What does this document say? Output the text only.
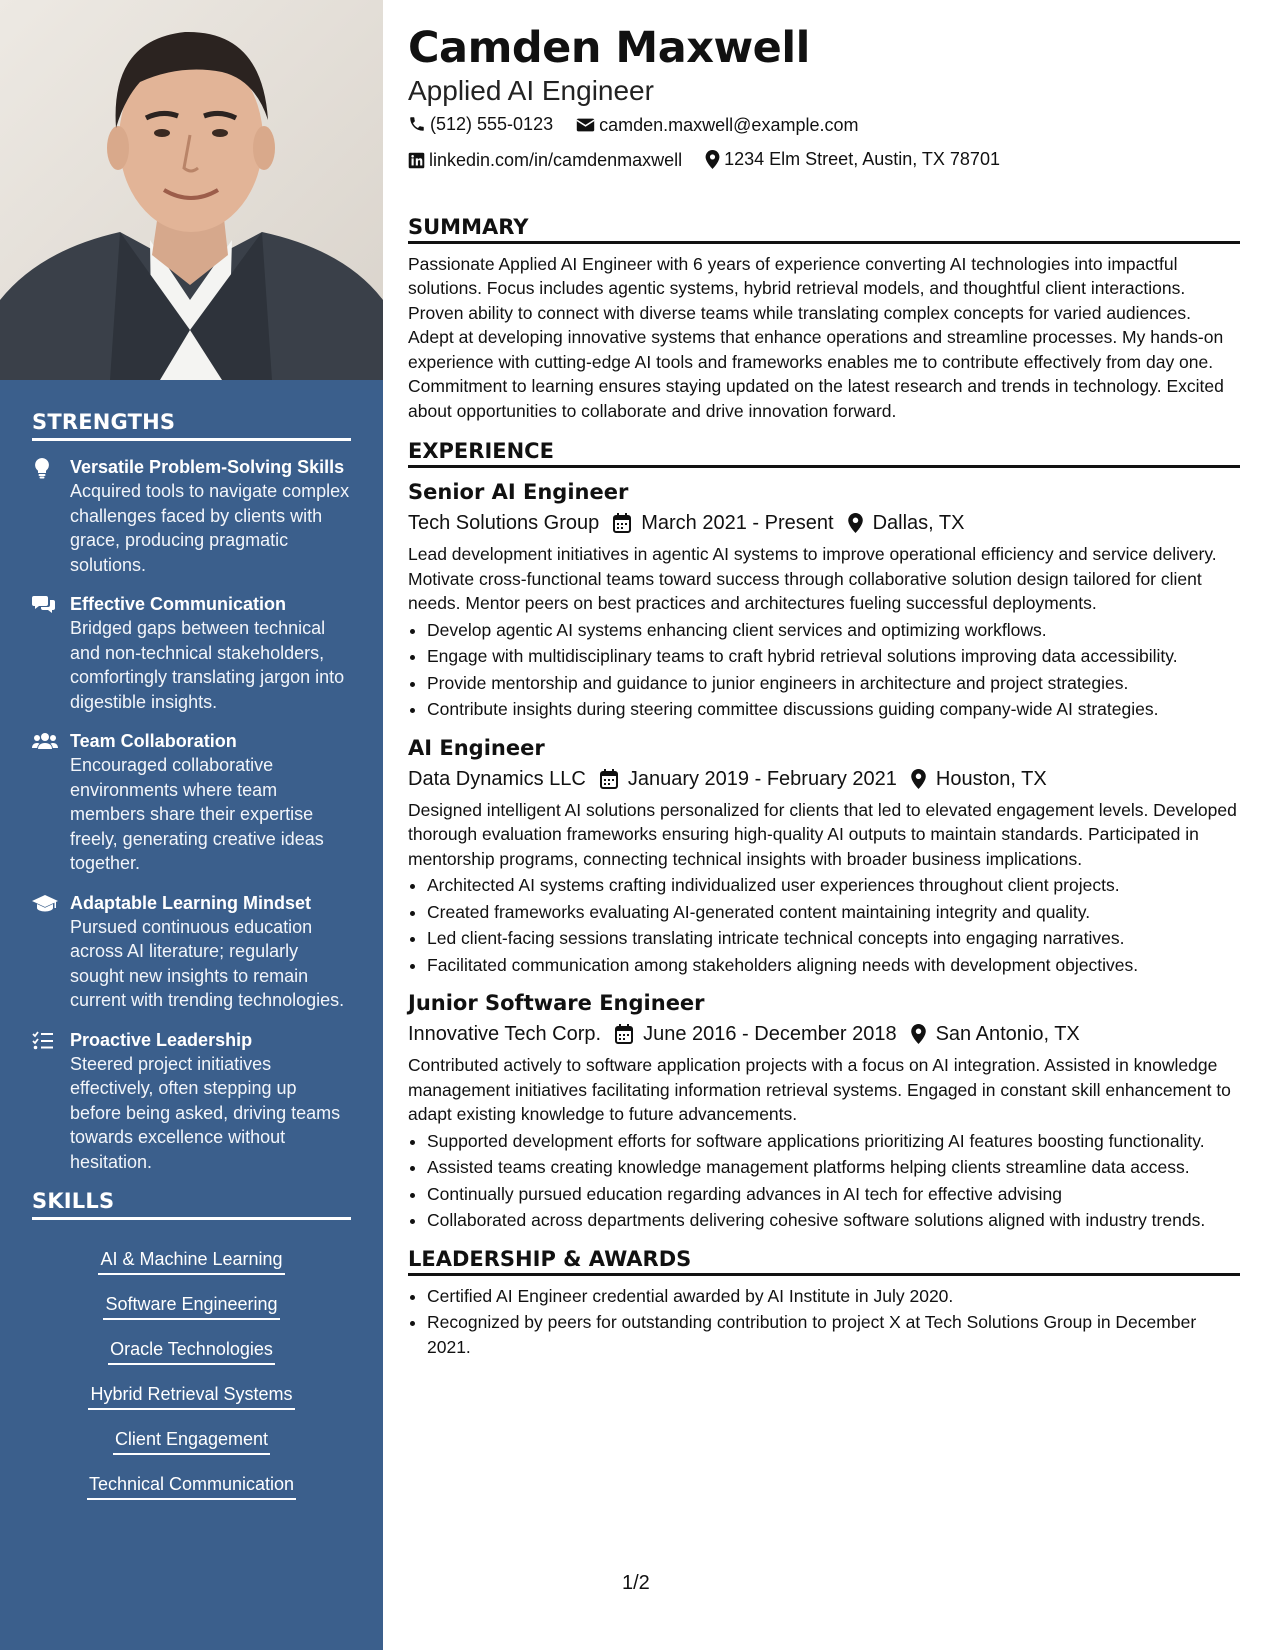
STRENGTHS
Versatile Problem-Solving Skills
Acquired tools to navigate complex challenges faced by clients with grace, producing pragmatic solutions.
Effective Communication
Bridged gaps between technical and non-technical stakeholders, comfortingly translating jargon into digestible insights.
Team Collaboration
Encouraged collaborative environments where team members share their expertise freely, generating creative ideas together.
Adaptable Learning Mindset
Pursued continuous education across AI literature; regularly sought new insights to remain current with trending technologies.
Proactive Leadership
Steered project initiatives effectively, often stepping up before being asked, driving teams towards excellence without hesitation.
SKILLS
AI & Machine Learning
Software Engineering
Oracle Technologies
Hybrid Retrieval Systems
Client Engagement
Technical Communication
Camden Maxwell
Applied AI Engineer
(512) 555-0123
	camden.maxwell@example.com
linkedin.com/in/camdenmaxwell
1234 Elm Street, Austin, TX 78701
SUMMARY

Passionate Applied AI Engineer with 6 years of experience converting AI technologies into impactful solutions. Focus includes agentic systems, hybrid retrieval models, and thoughtful client interactions. Proven ability to connect with diverse teams while translating complex concepts for varied audiences. Adept at developing innovative systems that enhance operations and streamline processes. My hands-on experience with cutting-edge AI tools and frameworks enables me to contribute effectively from day one. Commitment to learning ensures staying updated on the latest research and trends in technology. Excited about opportunities to collaborate and drive innovation forward.

EXPERIENCE
Senior AI Engineer
Tech Solutions Group March 2021 - Present Dallas, TX

Lead development initiatives in agentic AI systems to improve operational efficiency and service delivery. Motivate cross-functional teams toward success through collaborative solution design tailored for client needs. Mentor peers on best practices and architectures fueling successful deployments.

• Develop agentic AI systems enhancing client services and optimizing workflows.
• Engage with multidisciplinary teams to craft hybrid retrieval solutions improving data accessibility.
• Provide mentorship and guidance to junior engineers in architecture and project strategies.
• Contribute insights during steering committee discussions guiding company-wide AI strategies.
AI Engineer
Data Dynamics LLC January 2019 - February 2021 Houston, TX

Designed intelligent AI solutions personalized for clients that led to elevated engagement levels. Developed thorough evaluation frameworks ensuring high-quality AI outputs to maintain standards. Participated in mentorship programs, connecting technical insights with broader business implications.

• Architected AI systems crafting individualized user experiences throughout client projects.
• Created frameworks evaluating AI-generated content maintaining integrity and quality.
• Led client-facing sessions translating intricate technical concepts into engaging narratives.
• Facilitated communication among stakeholders aligning needs with development objectives.
Junior Software Engineer
Innovative Tech Corp. June 2016 - December 2018 San Antonio, TX

Contributed actively to software application projects with a focus on AI integration. Assisted in knowledge management initiatives facilitating information retrieval systems. Engaged in constant skill enhancement to adapt existing knowledge to future advancements.

• Supported development efforts for software applications prioritizing AI features boosting functionality.
• Assisted teams creating knowledge management platforms helping clients streamline data access.
• Continually pursued education regarding advances in AI tech for effective advising
• Collaborated across departments delivering cohesive software solutions aligned with industry trends.
LEADERSHIP & AWARDS
• Certified AI Engineer credential awarded by AI Institute in July 2020.
• Recognized by peers for outstanding contribution to project X at Tech Solutions Group in December 2021.
1/2
